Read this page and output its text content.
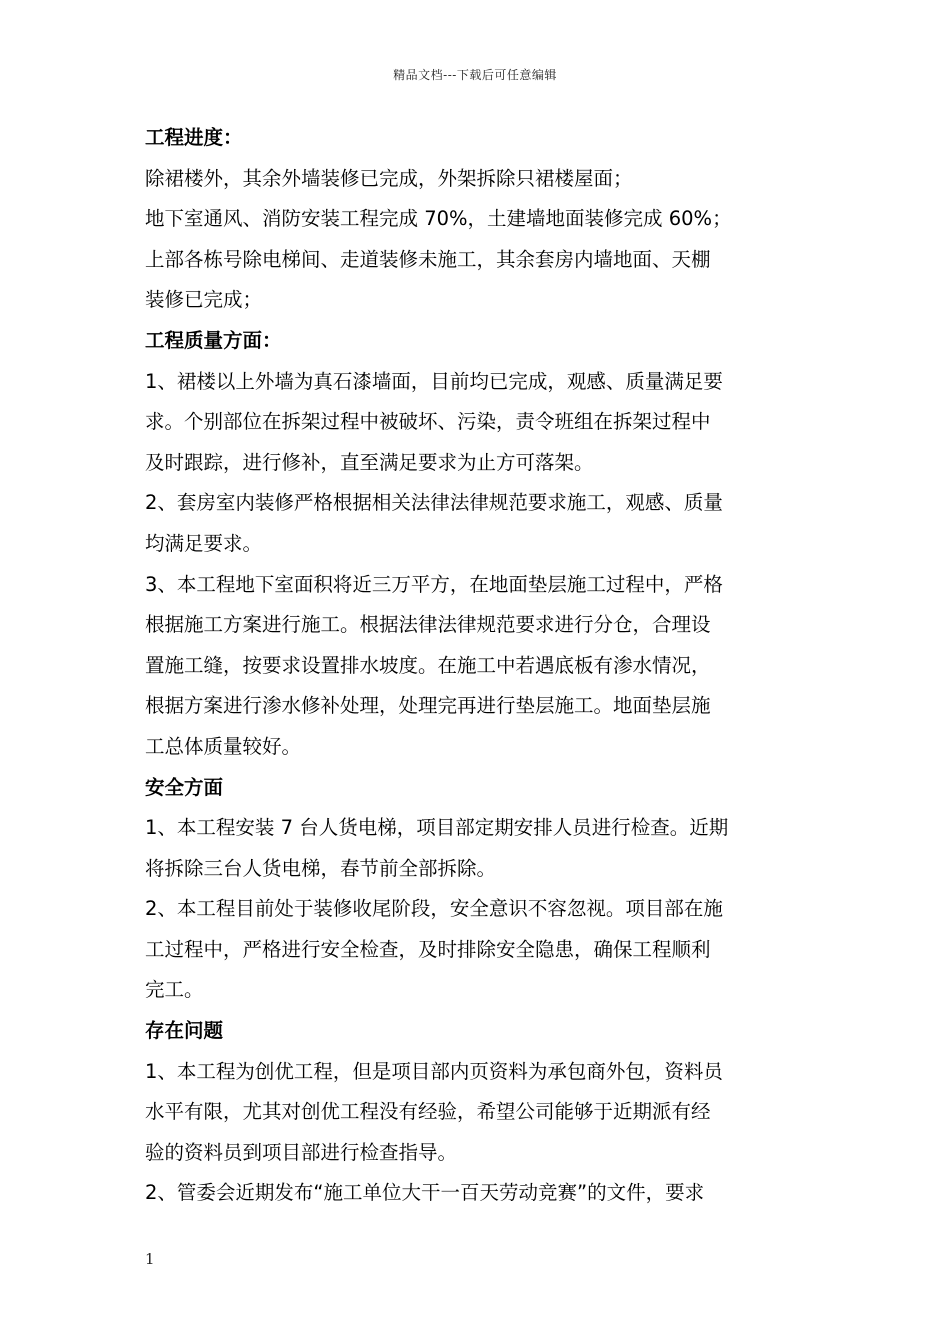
精品文档---下载后可任意编辑
工程进度：
除裙楼外，其余外墙装修已完成，外架拆除只裙楼屋面；
地下室通风、消防安装工程完成 70%，土建墙地面装修完成 60%；
上部各栋号除电梯间、走道装修未施工，其余套房内墙地面、天棚
装修已完成；
工程质量方面：
1、裙楼以上外墙为真石漆墙面，目前均已完成，观感、质量满足要
求。个别部位在拆架过程中被破坏、污染，责令班组在拆架过程中
及时跟踪，进行修补，直至满足要求为止方可落架。
2、套房室内装修严格根据相关法律法律规范要求施工，观感、质量
均满足要求。
3、本工程地下室面积将近三万平方，在地面垫层施工过程中，严格
根据施工方案进行施工。根据法律法律规范要求进行分仓，合理设
置施工缝，按要求设置排水坡度。在施工中若遇底板有渗水情况，
根据方案进行渗水修补处理，处理完再进行垫层施工。地面垫层施
工总体质量较好。
安全方面
1、本工程安装 7 台人货电梯，项目部定期安排人员进行检查。近期
将拆除三台人货电梯，春节前全部拆除。
2、本工程目前处于装修收尾阶段，安全意识不容忽视。项目部在施
工过程中，严格进行安全检查，及时排除安全隐患，确保工程顺利
完工。
存在问题
1、本工程为创优工程，但是项目部内页资料为承包商外包，资料员
水平有限，尤其对创优工程没有经验，希望公司能够于近期派有经
验的资料员到项目部进行检查指导。
2、管委会近期发布“施工单位大干一百天劳动竞赛”的文件，要求
1
